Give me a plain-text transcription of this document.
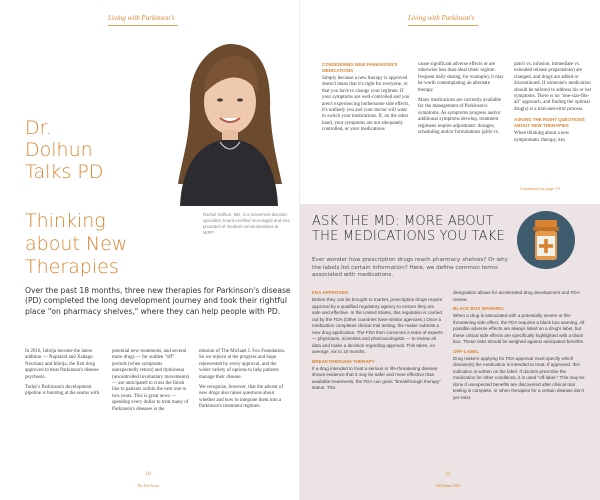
Living with Parkinson's
Dr.
Dolhun
Talks PD
Thinking
about New
Therapies
Rachel Dolhun, MD, is a movement disorder specialist, board-certified neurologist and vice president of medical communications at MJFF.
Over the past 18 months, three new therapies for Parkinson's disease (PD) completed the long development journey and took their rightful place "on pharmacy shelves," where they can help people with PD.

In 2016, Inbrija became the latest addition — Nuplazid and Xadago. Nourianz and Inbrija, the first drug approved to treat Parkinson's disease psychosis.

Today's Parkinson's development pipeline is bursting at the seams with

potential new treatments, and several more drugs — for sudden "off" periods (when symptoms unexpectedly return) and dyskinesia (uncontrolled involuntary movements) — are anticipated to cross the finish line to patients within the next one to two years. This is great news — spending every dollar to treat many of Parkinson's diseases is the

mission of The Michael J. Fox Foundation. So we rejoice at the progress and hope represented by every approval, and the wider variety of options to help patients manage their disease.

We recognize, however, that the advent of new drugs also raises questions about whether and how to integrate them into a Parkinson's treatment regimen.

10
The Fox Focus
Living with Parkinson's
CONSIDERING NEW PARKINSON'S MEDICATIONS

Simply because a new therapy is approved doesn't mean that it's right for everyone, or that you have to change your regimen. If your symptoms are well-controlled and you aren't experiencing bothersome side effects, it's unlikely you and your doctor will want to switch your medications. If, on the other hand, your symptoms are not adequately controlled, or your medications

cause significant adverse effects or are otherwise less than ideal (their regime: frequent daily dosing, for example), it may be worth contemplating an alternate therapy.

Many medications are currently available for the management of Parkinson's symptoms. As symptoms progress and/or additional symptoms develop, treatment regimens require adjustment: dosages, scheduling and/or formulations (pills vs.

patch vs. infusion, immediate vs. extended release preparations) are changed, and drugs are added or discontinued. If someone's medication should be tailored to address his or her symptoms. There is no "one-size-fits-all" approach, and finding the optimal drug(s) is a trial-and-error process.

ASKING THE RIGHT QUESTIONS ABOUT NEW THERAPIES

When thinking about a new symptomatic therapy, key

Continued on page 13
ASK THE MD: MORE ABOUT THE MEDICATIONS YOU TAKE
Ever wonder how prescription drugs reach pharmacy shelves? Or why the labels list certain information? Here, we define common terms associated with medications.
FDA APPROVED

Before they can be brought to market, prescription drugs require approval by a qualified regulatory agency to ensure they are safe and effective. In the United States, this regulation is carried out by the FDA (Other countries have similar agencies.) Once a medication completes clinical trial testing, the maker submits a new drug application. The FDA then convenes a team of experts — physicians, scientists and pharmacologists — to review all data and make a decision regarding approval. This takes, on average, six to 10 months.

BREAKTHROUGH THERAPY

If a drug intended to treat a serious or life-threatening disease shows evidence that it may be safer and more effective than available treatments, the FDA can grant "breakthrough therapy" status. This

designation allows for accelerated drug development and FDA review.

BLACK BOX WARNING

When a drug is associated with a potentially severe or life-threatening side effect, the FDA requires a black box warning. All possible adverse effects are always listed on a drug's label, but these critical side effects are specifically highlighted with a black box. These risks should be weighed against anticipated benefits.

OFF-LABEL

Drug makers applying for FDA approval must specify which disease(s) the medication is intended to treat. If approved, this indication is written on the label. If doctors prescribe the medication for other conditions, it is used "off-label." This may be done if unexpected benefits are discovered after clinical trial testing is complete, or when therapies for a certain disease don't yet exist.

11
Fall/Winter 2019
